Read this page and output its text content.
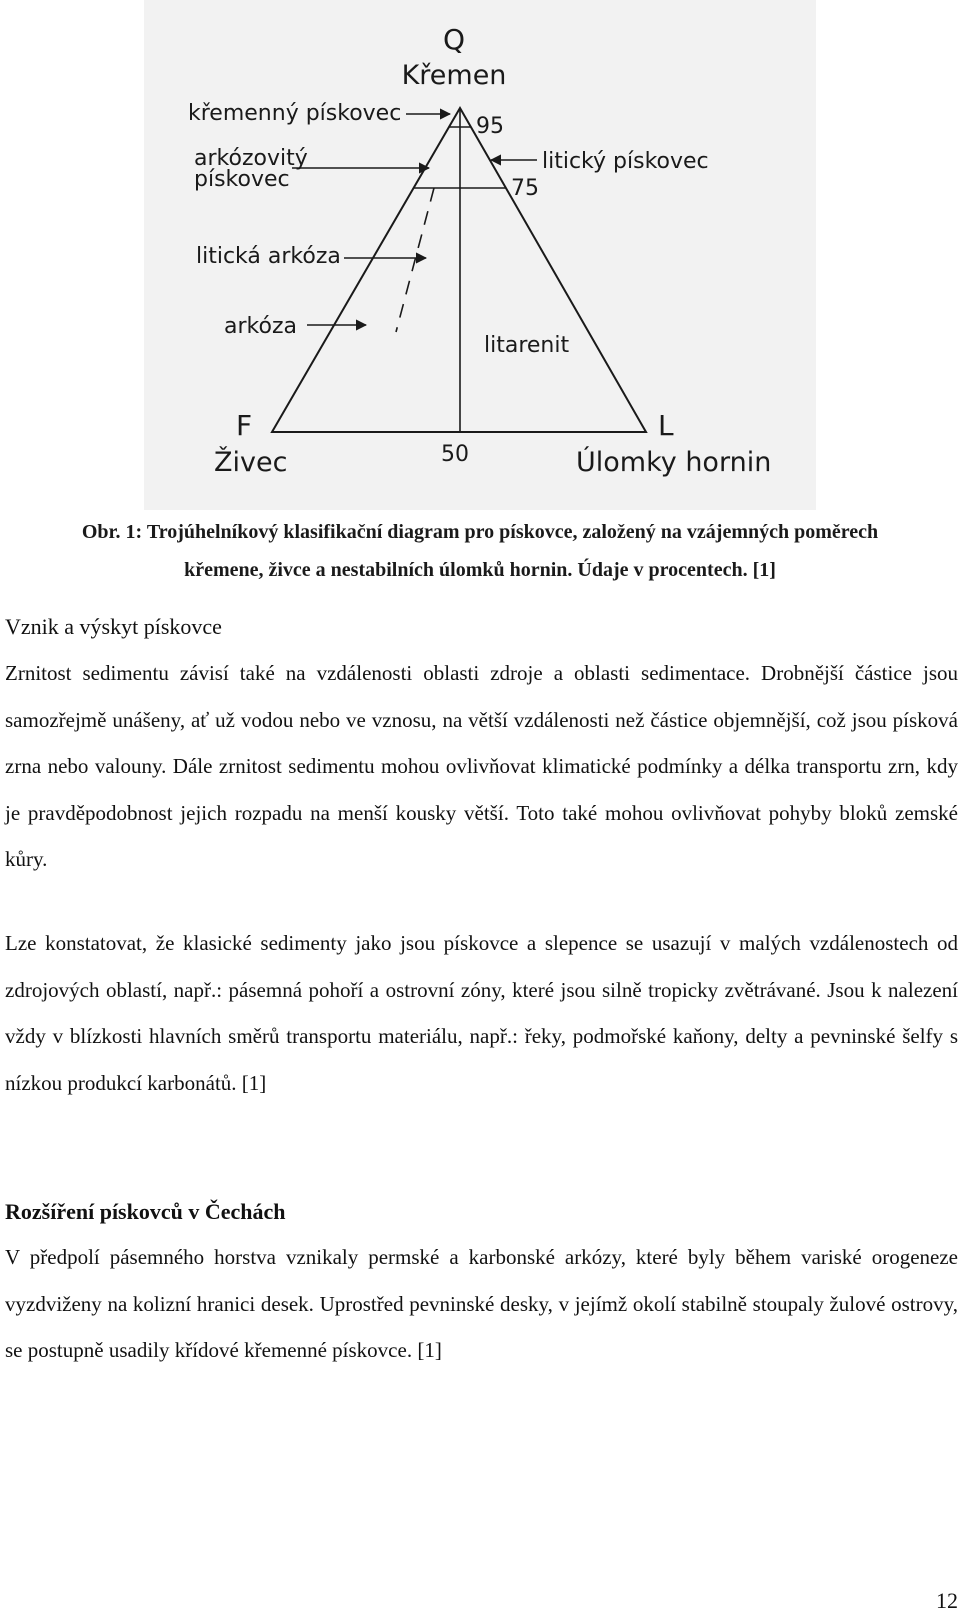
Q
Křemen
95
75
50
křemenný pískovec
arkózovitý
pískovec
litický pískovec
litická arkóza
arkóza
litarenit
F
Živec
L
Úlomky hornin
Obr. 1: Trojúhelníkový klasifikační diagram pro pískovce, založený na vzájemných poměrech
křemene, živce a nestabilních úlomků hornin. Údaje v procentech. [1]
Vznik a výskyt pískovce

Zrnitost sedimentu závisí také na vzdálenosti oblasti zdroje a oblasti sedimentace. Drobnější částice jsou samozřejmě unášeny, ať už vodou nebo ve vznosu, na větší vzdálenosti než částice objemnější, což jsou písková zrna nebo valouny. Dále zrnitost sedimentu mohou ovlivňovat klimatické podmínky a délka transportu zrn, kdy je pravděpodobnost jejich rozpadu na menší kousky větší. Toto také mohou ovlivňovat pohyby bloků zemské kůry.

Lze konstatovat, že klasické sedimenty jako jsou pískovce a slepence se usazují v malých vzdálenostech od zdrojových oblastí, např.: pásemná pohoří a ostrovní zóny, které jsou silně tropicky zvětrávané. Jsou k nalezení vždy v blízkosti hlavních směrů transportu materiálu, např.: řeky, podmořské kaňony, delty a pevninské šelfy s nízkou produkcí karbonátů. [1]

Rozšíření pískovců v Čechách

V předpolí pásemného horstva vznikaly permské a karbonské arkózy, které byly během variské orogeneze vyzdviženy na kolizní hranici desek. Uprostřed pevninské desky, v jejímž okolí stabilně stoupaly žulové ostrovy, se postupně usadily křídové křemenné pískovce. [1]

12
